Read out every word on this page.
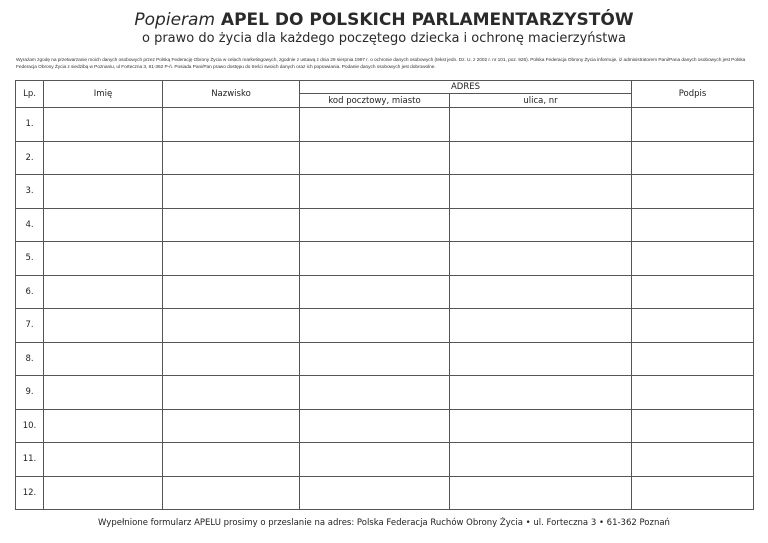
Popieram APEL DO POLSKICH PARLAMENTARZYSTÓW
o prawo do życia dla każdego poczętego dziecka i ochronę macierzyństwa
Wyrażam zgodę na przetwarzanie moich danych osobowych przez Polską Federację Obrony Życia w celach marketingowych, zgodnie z ustawą z dnia 29 sierpnia 1997 r. o ochronie danych osobowych (tekst jedn. Dz. U. z 2002 r. nr 101, poz. 926). Polska Federacja Obrony Życia informuje, iż administratorem Pani/Pana danych osobowych jest Polska Federacja Obrony Życia z siedzibą w Poznaniu, ul Forteczna 3, 61-362 P-ń. Posiada Pani/Pan prawo dostępu do treści swoich danych oraz ich poprawiania. Podanie danych osobowych jest dobrowolne.
Lp.	Imię	Nazwisko	ADRES		Podpis
			kod pocztowy, miasto	ulica, nr	
1.					
2.					
3.					
4.					
5.					
6.					
7.					
8.					
9.					
10.					
11.					
12.					
Wypełnione formularz APELU prosimy o przeslanie na adres: Polska Federacja Ruchów Obrony Życia • ul. Forteczna 3 • 61-362 Poznań
